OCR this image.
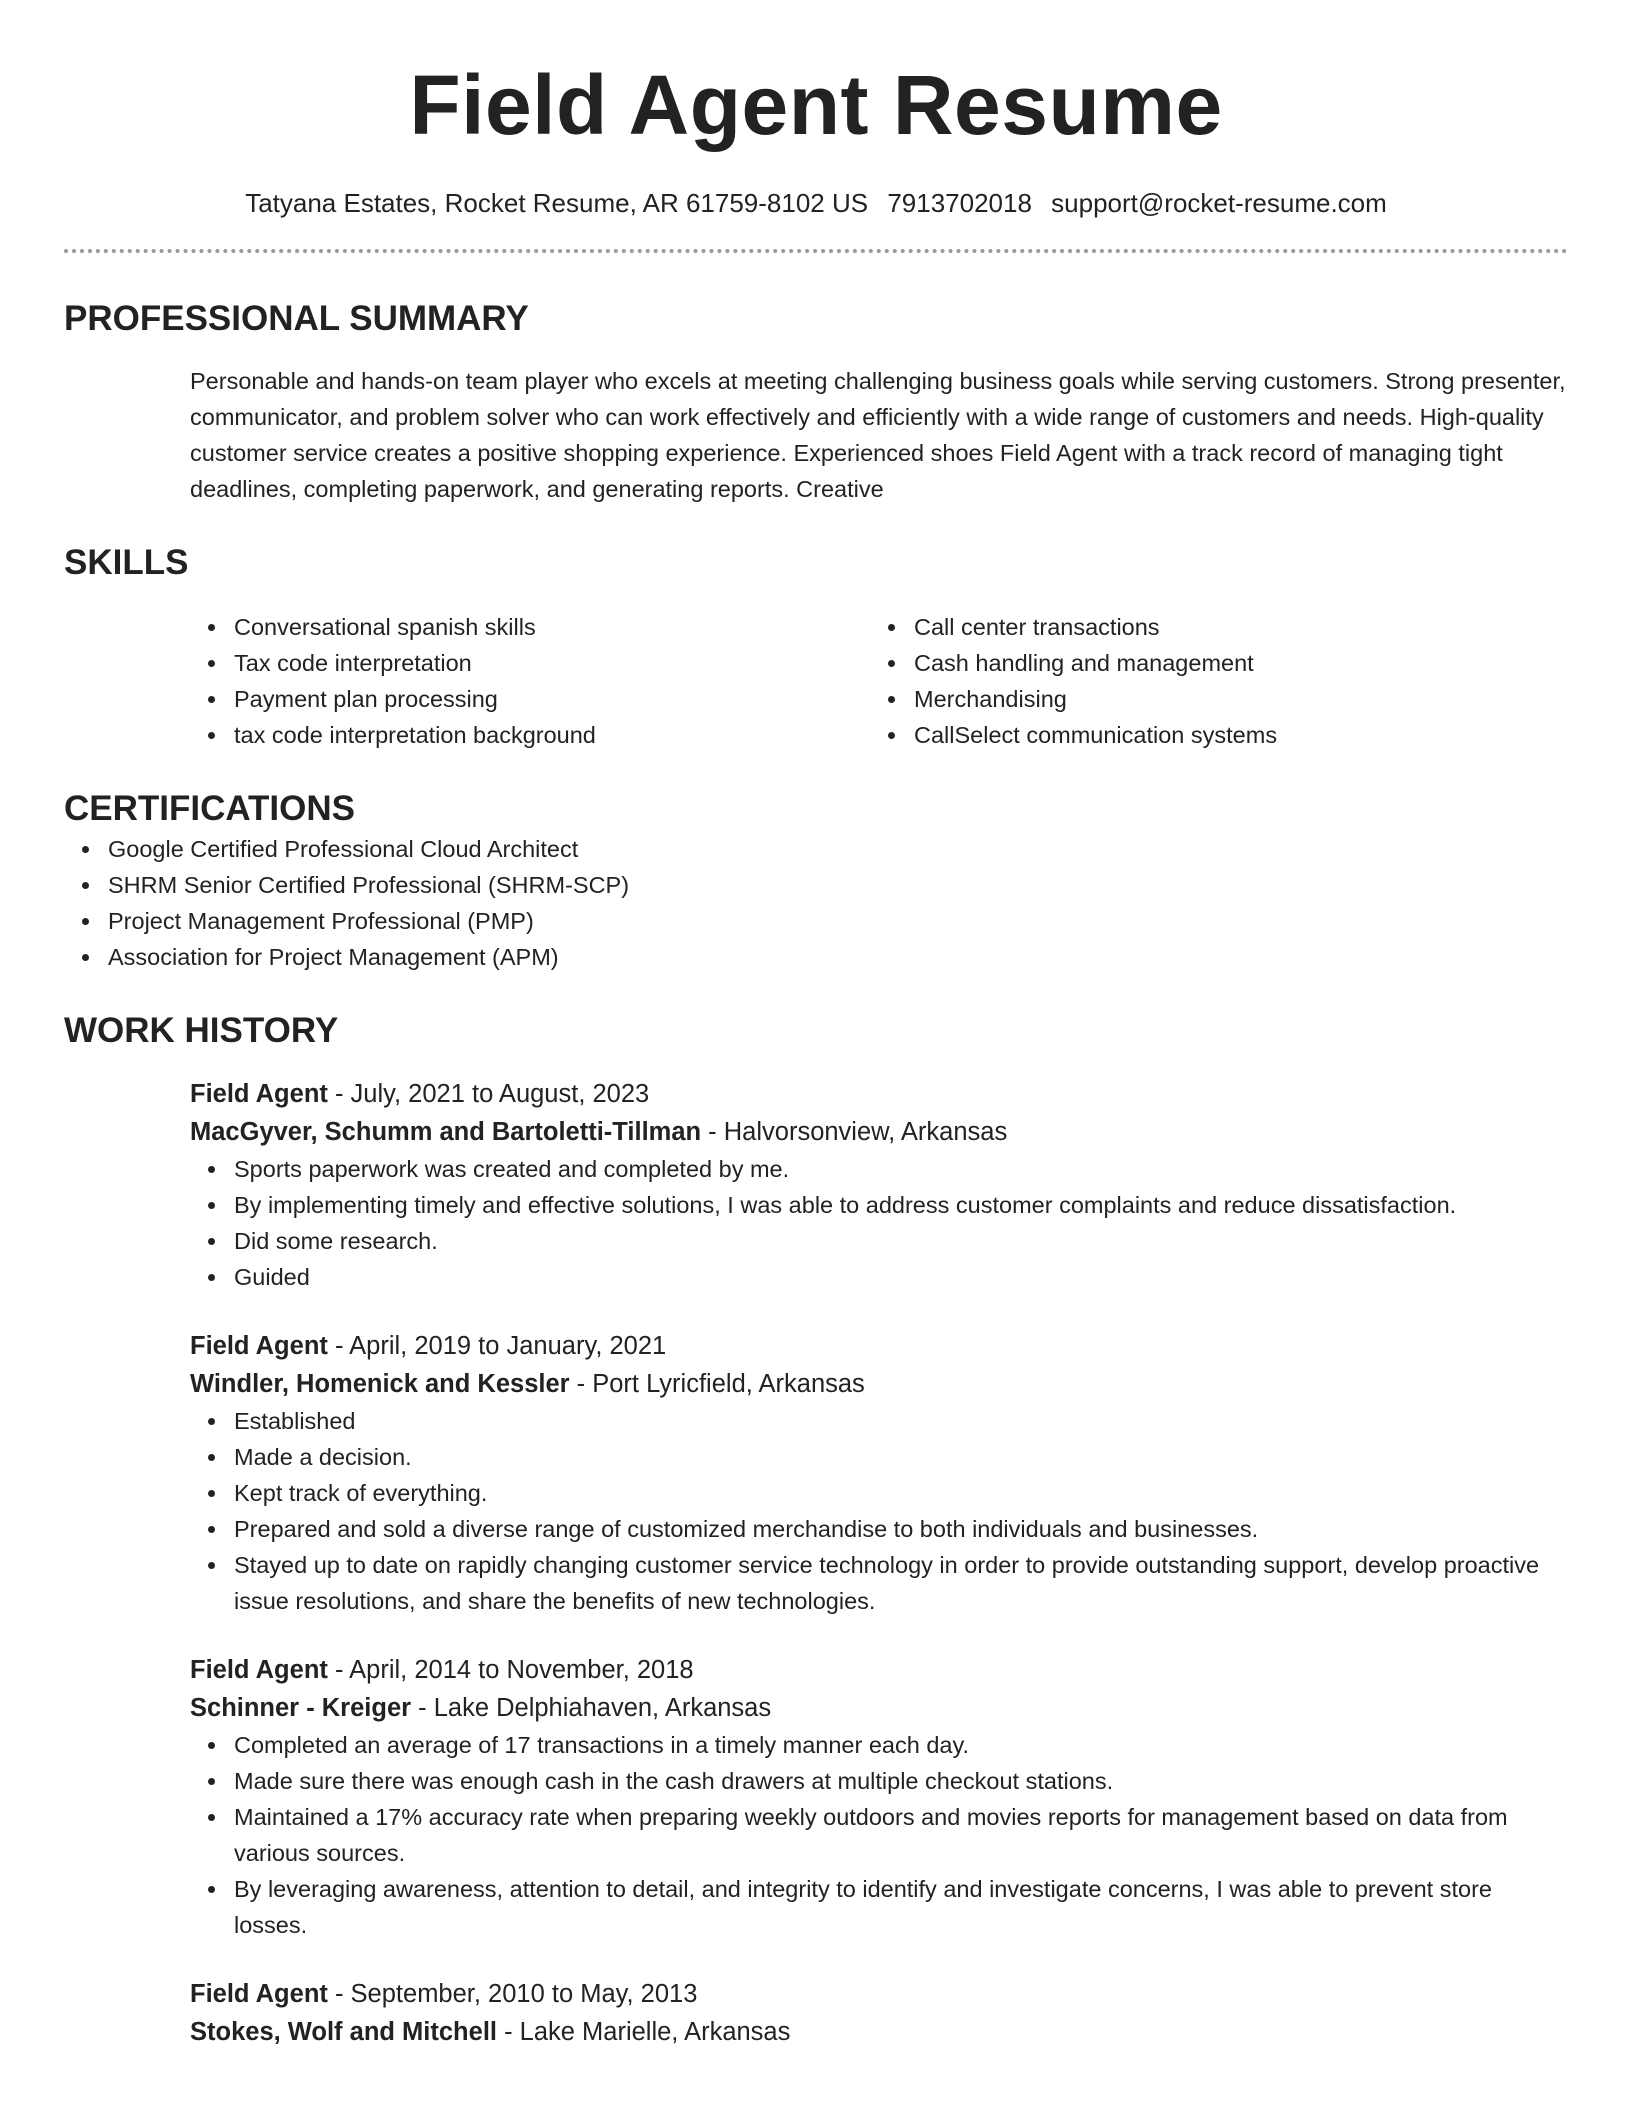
Field Agent Resume
Tatyana Estates, Rocket Resume, AR 61759-8102 US 7913702018 support@rocket-resume.com
PROFESSIONAL SUMMARY
Personable and hands-on team player who excels at meeting challenging business goals while serving customers. Strong presenter, communicator, and problem solver who can work effectively and efficiently with a wide range of customers and needs. High-quality customer service creates a positive shopping experience. Experienced shoes Field Agent with a track record of managing tight deadlines, completing paperwork, and generating reports. Creative
SKILLS
Conversational spanish skills
Tax code interpretation
Payment plan processing
tax code interpretation background
Call center transactions
Cash handling and management
Merchandising
CallSelect communication systems
CERTIFICATIONS
Google Certified Professional Cloud Architect
SHRM Senior Certified Professional (SHRM-SCP)
Project Management Professional (PMP)
Association for Project Management (APM)
WORK HISTORY
Field Agent - July, 2021 to August, 2023
MacGyver, Schumm and Bartoletti-Tillman - Halvorsonview, Arkansas
Sports paperwork was created and completed by me.
By implementing timely and effective solutions, I was able to address customer complaints and reduce dissatisfaction.
Did some research.
Guided
Field Agent - April, 2019 to January, 2021
Windler, Homenick and Kessler - Port Lyricfield, Arkansas
Established
Made a decision.
Kept track of everything.
Prepared and sold a diverse range of customized merchandise to both individuals and businesses.
Stayed up to date on rapidly changing customer service technology in order to provide outstanding support, develop proactive issue resolutions, and share the benefits of new technologies.
Field Agent - April, 2014 to November, 2018
Schinner - Kreiger - Lake Delphiahaven, Arkansas
Completed an average of 17 transactions in a timely manner each day.
Made sure there was enough cash in the cash drawers at multiple checkout stations.
Maintained a 17% accuracy rate when preparing weekly outdoors and movies reports for management based on data from various sources.
By leveraging awareness, attention to detail, and integrity to identify and investigate concerns, I was able to prevent store losses.
Field Agent - September, 2010 to May, 2013
Stokes, Wolf and Mitchell - Lake Marielle, Arkansas
